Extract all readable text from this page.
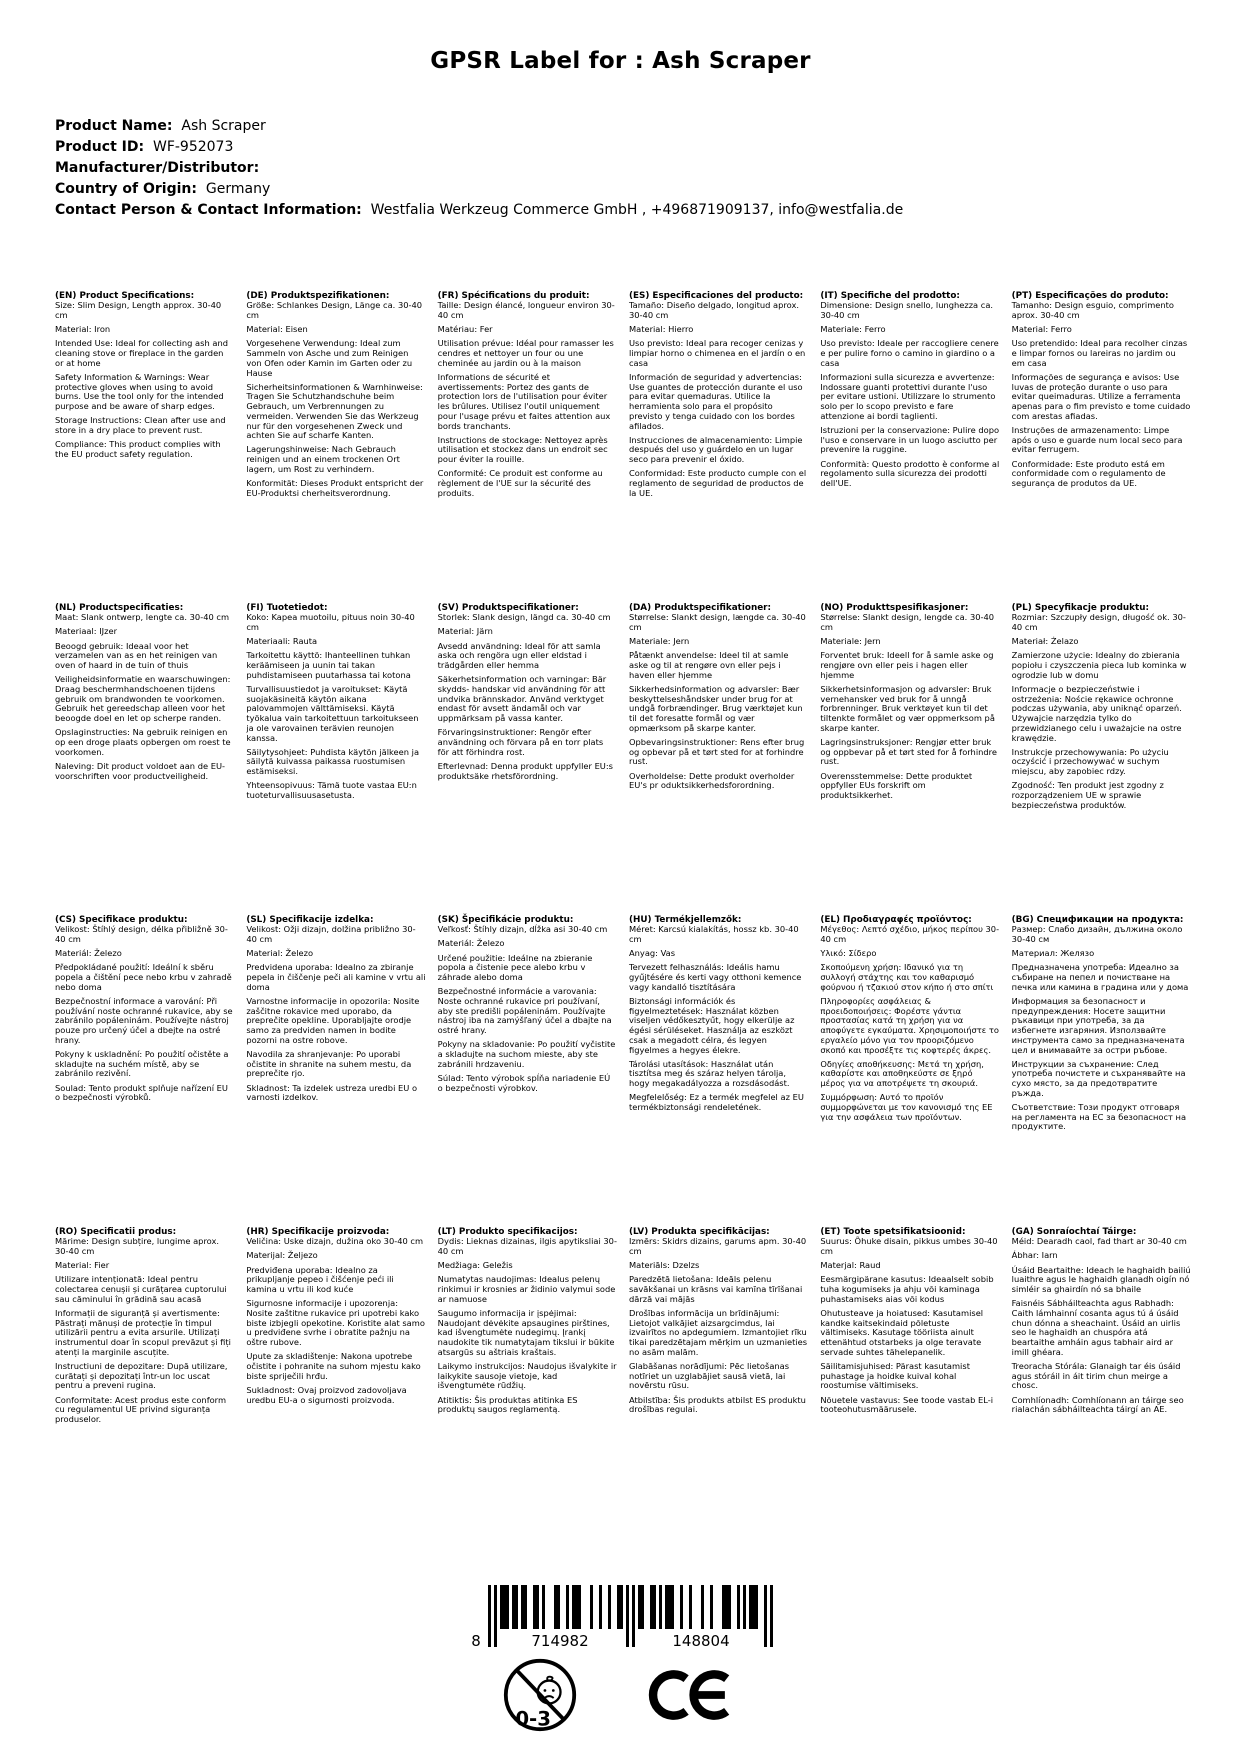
GPSR Label for : Ash Scraper
Product Name:  Ash Scraper
Product ID:  WF-952073
Manufacturer/Distributor:
Country of Origin:  Germany
Contact Person & Contact Information:  Westfalia Werkzeug Commerce GmbH , +496871909137, info@westfalia.de
(EN) Product Specifications:

Size: Slim Design, Length approx. 30-40 cm

Material: Iron

Intended Use: Ideal for collecting ash and cleaning stove or fireplace in the garden or at home

Safety Information & Warnings: Wear protective gloves when using to avoid burns. Use the tool only for the intended purpose and be aware of sharp edges.

Storage Instructions: Clean after use and store in a dry place to prevent rust.

Compliance: This product complies with the EU product safety regulation.

(DE) Produktspezifikationen:

Größe: Schlankes Design, Länge ca. 30-40 cm

Material: Eisen

Vorgesehene Verwendung: Ideal zum Sammeln von Asche und zum Reinigen von Ofen oder Kamin im Garten oder zu Hause

Sicherheitsinformationen & Warnhinweise: Tragen Sie Schutzhandschuhe beim Gebrauch, um Verbrennungen zu vermeiden. Verwenden Sie das Werkzeug nur für den vorgesehenen Zweck und achten Sie auf scharfe Kanten.

Lagerungshinweise: Nach Gebrauch reinigen und an einem trockenen Ort lagern, um Rost zu verhindern.

Konformität: Dieses Produkt entspricht der EU-Produktsi cherheitsverordnung.

(FR) Spécifications du produit:

Taille: Design élancé, longueur environ 30-40 cm

Matériau: Fer

Utilisation prévue: Idéal pour ramasser les cendres et nettoyer un four ou une cheminée au jardin ou à la maison

Informations de sécurité et avertissements: Portez des gants de protection lors de l'utilisation pour éviter les brûlures. Utilisez l'outil uniquement pour l'usage prévu et faites attention aux bords tranchants.

Instructions de stockage: Nettoyez après utilisation et stockez dans un endroit sec pour éviter la rouille.

Conformité: Ce produit est conforme au règlement de l'UE sur la sécurité des produits.

(ES) Especificaciones del producto:

Tamaño: Diseño delgado, longitud aprox. 30-40 cm

Material: Hierro

Uso previsto: Ideal para recoger cenizas y limpiar horno o chimenea en el jardín o en casa

Información de seguridad y advertencias: Use guantes de protección durante el uso para evitar quemaduras. Utilice la herramienta solo para el propósito previsto y tenga cuidado con los bordes afilados.

Instrucciones de almacenamiento: Limpie después del uso y guárdelo en un lugar seco para prevenir el óxido.

Conformidad: Este producto cumple con el reglamento de seguridad de productos de la UE.

(IT) Specifiche del prodotto:

Dimensione: Design snello, lunghezza ca. 30-40 cm

Materiale: Ferro

Uso previsto: Ideale per raccogliere cenere e per pulire forno o camino in giardino o a casa

Informazioni sulla sicurezza e avvertenze: Indossare guanti protettivi durante l'uso per evitare ustioni. Utilizzare lo strumento solo per lo scopo previsto e fare attenzione ai bordi taglienti.

Istruzioni per la conservazione: Pulire dopo l'uso e conservare in un luogo asciutto per prevenire la ruggine.

Conformità: Questo prodotto è conforme al regolamento sulla sicurezza dei prodotti dell'UE.

(PT) Especificações do produto:

Tamanho: Design esguio, comprimento aprox. 30-40 cm

Material: Ferro

Uso pretendido: Ideal para recolher cinzas e limpar fornos ou lareiras no jardim ou em casa

Informações de segurança e avisos: Use luvas de proteção durante o uso para evitar queimaduras. Utilize a ferramenta apenas para o fim previsto e tome cuidado com arestas afiadas.

Instruções de armazenamento: Limpe após o uso e guarde num local seco para evitar ferrugem.

Conformidade: Este produto está em conformidade com o regulamento de segurança de produtos da UE.

(NL) Productspecificaties:

Maat: Slank ontwerp, lengte ca. 30-40 cm

Materiaal: IJzer

Beoogd gebruik: Ideaal voor het verzamelen van as en het reinigen van oven of haard in de tuin of thuis

Veiligheidsinformatie en waarschuwingen: Draag beschermhandschoenen tijdens gebruik om brandwonden te voorkomen. Gebruik het gereedschap alleen voor het beoogde doel en let op scherpe randen.

Opslaginstructies: Na gebruik reinigen en op een droge plaats opbergen om roest te voorkomen.

Naleving: Dit product voldoet aan de EU-voorschriften voor productveiligheid.

(FI) Tuotetiedot:

Koko: Kapea muotoilu, pituus noin 30-40 cm

Materiaali: Rauta

Tarkoitettu käyttö: Ihanteellinen tuhkan keräämiseen ja uunin tai takan puhdistamiseen puutarhassa tai kotona

Turvallisuustiedot ja varoitukset: Käytä suojakäsineitä käytön aikana palovammojen välttämiseksi. Käytä työkalua vain tarkoitettuun tarkoitukseen ja ole varovainen terävien reunojen kanssa.

Säilytysohjeet: Puhdista käytön jälkeen ja säilytä kuivassa paikassa ruostumisen estämiseksi.

Yhteensopivuus: Tämä tuote vastaa EU:n tuoteturvallisuusasetusta.

(SV) Produktspecifikationer:

Storlek: Slank design, längd ca. 30-40 cm

Material: Järn

Avsedd användning: Ideal för att samla aska och rengöra ugn eller eldstad i trädgården eller hemma

Säkerhetsinformation och varningar: Bär skydds- handskar vid användning för att undvika brännskador. Använd verktyget endast för avsett ändamål och var uppmärksam på vassa kanter.

Förvaringsinstruktioner: Rengör efter användning och förvara på en torr plats för att förhindra rost.

Efterlevnad: Denna produkt uppfyller EU:s produktsäke rhetsförordning.

(DA) Produktspecifikationer:

Størrelse: Slankt design, længde ca. 30-40 cm

Materiale: Jern

Påtænkt anvendelse: Ideel til at samle aske og til at rengøre ovn eller pejs i haven eller hjemme

Sikkerhedsinformation og advarsler: Bær beskyttelseshåndsker under brug for at undgå forbrændinger. Brug værktøjet kun til det foresatte formål og vær opmærksom på skarpe kanter.

Opbevaringsinstruktioner: Rens efter brug og opbevar på et tørt sted for at forhindre rust.

Overholdelse: Dette produkt overholder EU's pr oduktsikkerhedsforordning.

(NO) Produkttspesifikasjoner:

Størrelse: Slankt design, lengde ca. 30-40 cm

Materiale: Jern

Forventet bruk: Ideell for å samle aske og rengjøre ovn eller peis i hagen eller hjemme

Sikkerhetsinformasjon og advarsler: Bruk vernehansker ved bruk for å unngå forbrenninger. Bruk verktøyet kun til det tiltenkte formålet og vær oppmerksom på skarpe kanter.

Lagringsinstruksjoner: Rengjør etter bruk og oppbevar på et tørt sted for å forhindre rust.

Overensstemmelse: Dette produktet oppfyller EUs forskrift om produktsikkerhet.

(PL) Specyfikacje produktu:

Rozmiar: Szczupły design, długość ok. 30-40 cm

Materiał: Żelazo

Zamierzone użycie: Idealny do zbierania popiołu i czyszczenia pieca lub kominka w ogrodzie lub w domu

Informacje o bezpieczeństwie i ostrzeżenia: Noście rękawice ochronne podczas używania, aby uniknąć oparzeń. Używajcie narzędzia tylko do przewidzianego celu i uważajcie na ostre krawędzie.

Instrukcje przechowywania: Po użyciu oczyścić i przechowywać w suchym miejscu, aby zapobiec rdzy.

Zgodność: Ten produkt jest zgodny z rozporządzeniem UE w sprawie bezpieczeństwa produktów.

(CS) Specifikace produktu:

Velikost: Štíhlý design, délka přibližně 30-40 cm

Materiál: Železo

Předpokládané použití: Ideální k sběru popela a čištění pece nebo krbu v zahradě nebo doma

Bezpečnostní informace a varování: Při používání noste ochranné rukavice, aby se zabránilo popáleninám. Používejte nástroj pouze pro určený účel a dbejte na ostré hrany.

Pokyny k uskladnění: Po použití očistěte a skladujte na suchém místě, aby se zabránilo rezivění.

Soulad: Tento produkt splňuje nařízení EU o bezpečnosti výrobků.

(SL) Specifikacije izdelka:

Velikost: Ožji dizajn, dolžina približno 30-40 cm

Material: Železo

Predvidena uporaba: Idealno za zbiranje pepela in čiščenje peči ali kamine v vrtu ali doma

Varnostne informacije in opozorila: Nosite zaščitne rokavice med uporabo, da preprečite opekline. Uporabljajte orodje samo za predviden namen in bodite pozorni na ostre robove.

Navodila za shranjevanje: Po uporabi očistite in shranite na suhem mestu, da preprečite rjo.

Skladnost: Ta izdelek ustreza uredbi EU o varnosti izdelkov.

(SK) Špecifikácie produktu:

Veľkosť: Štíhly dizajn, dĺžka asi 30-40 cm

Materiál: Železo

Určené použitie: Ideálne na zbieranie popola a čistenie pece alebo krbu v záhrade alebo doma

Bezpečnostné informácie a varovania: Noste ochranné rukavice pri používaní, aby ste predišli popáleninám. Používajte nástroj iba na zamýšľaný účel a dbajte na ostré hrany.

Pokyny na skladovanie: Po použití vyčistite a skladujte na suchom mieste, aby ste zabránili hrdzaveniu.

Súlad: Tento výrobok spĺňa nariadenie EÚ o bezpečnosti výrobkov.

(HU) Termékjellemzők:

Méret: Karcsú kialakítás, hossz kb. 30-40 cm

Anyag: Vas

Tervezett felhasználás: Ideális hamu gyűjtésére és kerti vagy otthoni kemence vagy kandalló tisztítására

Biztonsági információk és figyelmeztetések: Használat közben viseljen védőkesztyűt, hogy elkerülje az égési sérüléseket. Használja az eszközt csak a megadott célra, és legyen figyelmes a hegyes élekre.

Tárolási utasítások: Használat után tisztítsa meg és száraz helyen tárolja, hogy megakadályozza a rozsdásodást.

Megfelelőség: Ez a termék megfelel az EU termékbiztonsági rendeletének.

(EL) Προδιαγραφές προϊόντος:

Μέγεθος: Λεπτό σχέδιο, μήκος περίπου 30-40 cm

Υλικό: Σίδερο

Σκοπούμενη χρήση: Ιδανικό για τη συλλογή στάχτης και τον καθαρισμό φούρνου ή τζακιού στον κήπο ή στο σπίτι

Πληροφορίες ασφάλειας & προειδοποιήσεις: Φορέστε γάντια προστασίας κατά τη χρήση για να αποφύγετε εγκαύματα. Χρησιμοποιήστε το εργαλείο μόνο για τον προοριζόμενο σκοπό και προσέξτε τις κοφτερές άκρες.

Οδηγίες αποθήκευσης: Μετά τη χρήση, καθαρίστε και αποθηκεύστε σε ξηρό μέρος για να αποτρέψετε τη σκουριά.

Συμμόρφωση: Αυτό το προϊόν συμμορφώνεται με τον κανονισμό της ΕΕ για την ασφάλεια των προϊόντων.

(BG) Спецификации на продукта:

Размер: Слабо дизайн, дължина около 30-40 см

Материал: Желязо

Предназначена употреба: Идеално за събиране на пепел и почистване на печка или камина в градина или у дома

Информация за безопасност и предупреждения: Носете защитни ръкавици при употреба, за да избегнете изгаряния. Използвайте инструмента само за предназначената цел и внимавайте за остри ръбове.

Инструкции за съхранение: След употреба почистете и съхранявайте на сухо място, за да предотвратите ръжда.

Съответствие: Този продукт отговаря на регламента на ЕС за безопасност на продуктите.

(RO) Specificatii produs:

Mărime: Design subțire, lungime aprox. 30-40 cm

Material: Fier

Utilizare intenționată: Ideal pentru colectarea cenușii și curățarea cuptorului sau căminului în grădină sau acasă

Informații de siguranță și avertismente: Păstrați mănuși de protecție în timpul utilizării pentru a evita arsurile. Utilizați instrumentul doar în scopul prevăzut și fiți atenți la marginile ascuțite.

Instructiuni de depozitare: După utilizare, curătați și depozitați într-un loc uscat pentru a preveni rugina.

Conformitate: Acest produs este conform cu regulamentul UE privind siguranța produselor.

(HR) Specifikacije proizvoda:

Veličina: Uske dizajn, dužina oko 30-40 cm

Materijal: Željezo

Predviđena uporaba: Idealno za prikupljanje pepeo i čišćenje peći ili kamina u vrtu ili kod kuće

Sigurnosne informacije i upozorenja: Nosite zaštitne rukavice pri upotrebi kako biste izbjegli opekotine. Koristite alat samo u predviđene svrhe i obratite pažnju na oštre rubove.

Upute za skladištenje: Nakona upotrebe očistite i pohranite na suhom mjestu kako biste spriječili hrđu.

Sukladnost: Ovaj proizvod zadovoljava uredbu EU-a o sigurnosti proizvoda.

(LT) Produkto specifikacijos:

Dydis: Lieknas dizainas, ilgis apytiksliai 30-40 cm

Medžiaga: Geležis

Numatytas naudojimas: Idealus pelenų rinkimui ir krosnies ar židinio valymui sode ar namuose

Saugumo informacija ir įspėjimai: Naudojant dėvėkite apsaugines pirštines, kad išvengtumėte nudegimų. Įrankį naudokite tik numatytajam tikslui ir būkite atsargūs su aštriais kraštais.

Laikymo instrukcijos: Naudojus išvalykite ir laikykite sausoje vietoje, kad išvengtumėte rūdžių.

Atitiktis: Šis produktas atitinka ES produktų saugos reglamentą.

(LV) Produkta specifikācijas:

Izmērs: Skidrs dizains, garums apm. 30-40 cm

Materiāls: Dzelzs

Paredzētā lietošana: Ideāls pelenu savākšanai un krāsns vai kamīna tīrīšanai dārzā vai mājās

Drošības informācija un brīdinājumi: Lietojot valkājiet aizsargcimdus, lai izvairītos no apdegumiem. Izmantojiet rīku tikai paredzētajam mērķim un uzmanieties no asām malām.

Glabāšanas norādījumi: Pēc lietošanas notīriet un uzglabājiet sausā vietā, lai novērstu rūsu.

Atbilstība: Šis produkts atbilst ES produktu drošības regulai.

(ET) Toote spetsifikatsioonid:

Suurus: Õhuke disain, pikkus umbes 30-40 cm

Materjal: Raud

Eesmärgipärane kasutus: Ideaalselt sobib tuha kogumiseks ja ahju või kaminaga puhastamiseks aias või kodus

Ohutusteave ja hoiatused: Kasutamisel kandke kaitsekindaid põletuste vältimiseks. Kasutage tööriista ainult ettenähtud otstarbeks ja olge teravate servade suhtes tähelepanelik.

Säilitamisjuhised: Pärast kasutamist puhastage ja hoidke kuival kohal roostumise vältimiseks.

Nõuetele vastavus: See toode vastab EL-i tooteohutusmäärusele.

(GA) Sonraíochtaí Táirge:

Méid: Dearadh caol, fad thart ar 30-40 cm

Ábhar: Iarn

Úsáid Beartaithe: Ideach le haghaidh bailiú luaithre agus le haghaidh glanadh oigín nó simléir sa ghairdín nó sa bhaile

Faisnéis Sábháilteachta agus Rabhadh: Caith lámhainní cosanta agus tú á úsáid chun dónna a sheachaint. Úsáid an uirlis seo le haghaidh an chuspóra atá beartaithe amháin agus tabhair aird ar imill ghéara.

Treoracha Stórála: Glanaigh tar éis úsáid agus stóráil in áit tirim chun meirge a chosc.

Comhlíonadh: Comhlíonann an táirge seo rialachán sábháilteachta táirgí an AE.

8	714982	148804
0-3
